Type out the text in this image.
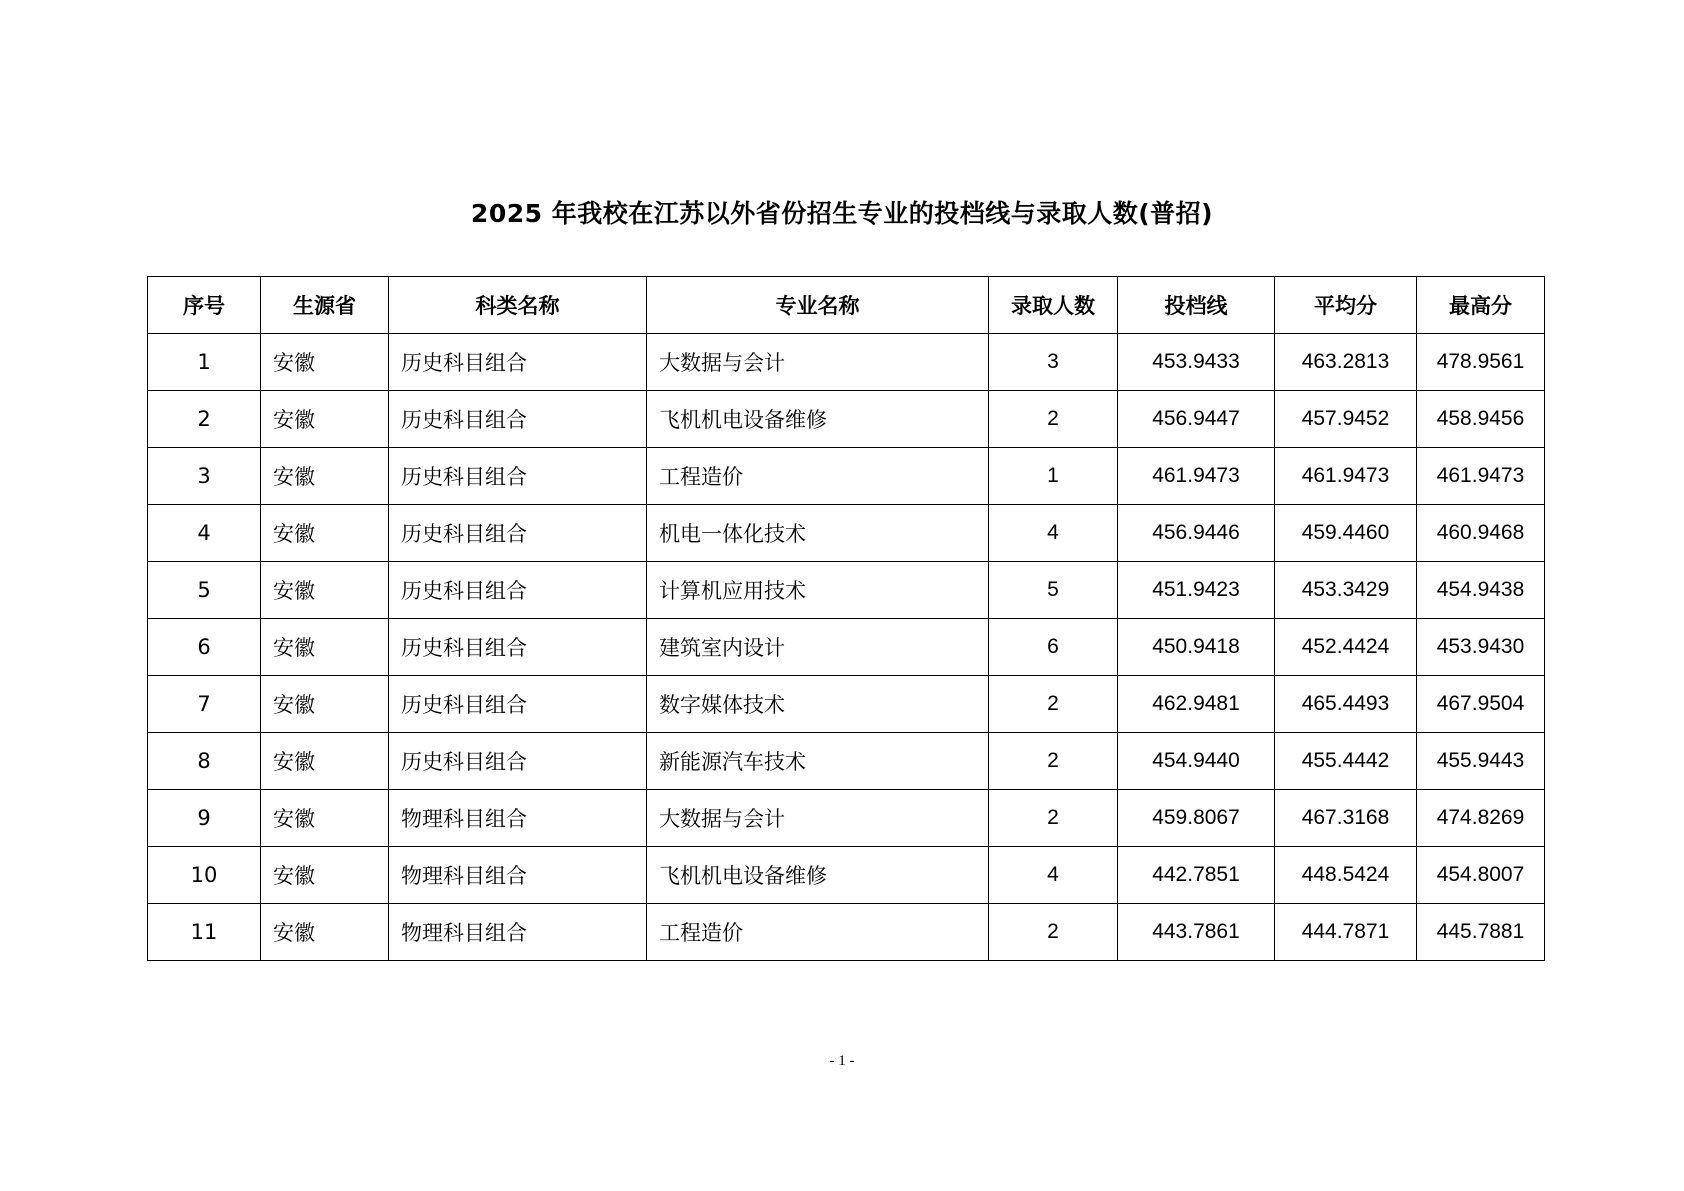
2025 年我校在江苏以外省份招生专业的投档线与录取人数(普招)
序号	生源省	科类名称	专业名称	录取人数	投档线	平均分	最高分
1	安徽	历史科目组合	大数据与会计	3	453.9433	463.2813	478.9561
2	安徽	历史科目组合	飞机机电设备维修	2	456.9447	457.9452	458.9456
3	安徽	历史科目组合	工程造价	1	461.9473	461.9473	461.9473
4	安徽	历史科目组合	机电一体化技术	4	456.9446	459.4460	460.9468
5	安徽	历史科目组合	计算机应用技术	5	451.9423	453.3429	454.9438
6	安徽	历史科目组合	建筑室内设计	6	450.9418	452.4424	453.9430
7	安徽	历史科目组合	数字媒体技术	2	462.9481	465.4493	467.9504
8	安徽	历史科目组合	新能源汽车技术	2	454.9440	455.4442	455.9443
9	安徽	物理科目组合	大数据与会计	2	459.8067	467.3168	474.8269
10	安徽	物理科目组合	飞机机电设备维修	4	442.7851	448.5424	454.8007
11	安徽	物理科目组合	工程造价	2	443.7861	444.7871	445.7881
- 1 -
